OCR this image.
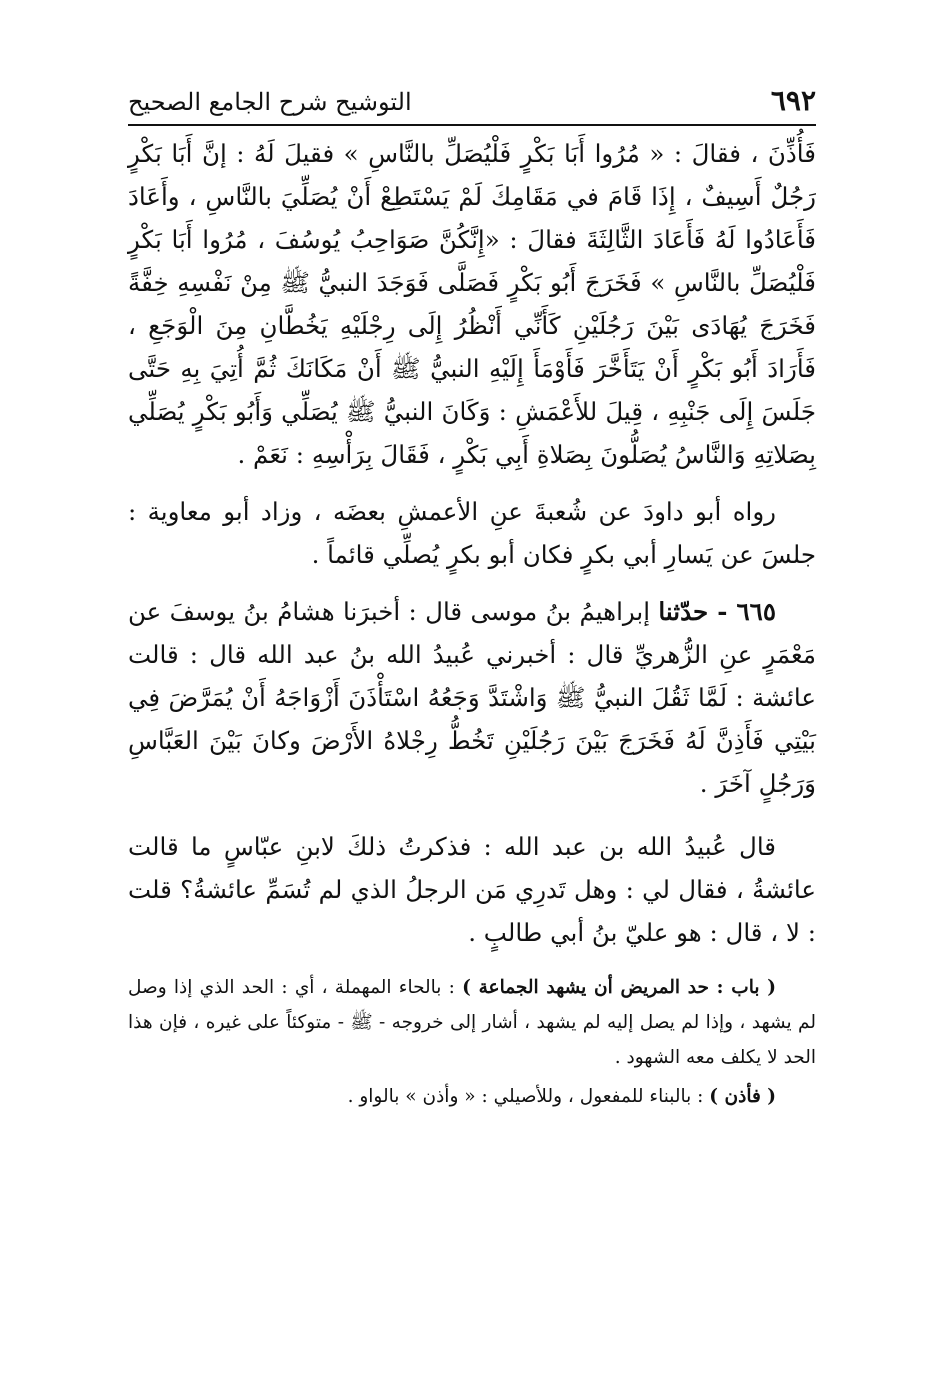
٦٩٢
التوشيح شرح الجامع الصحيح

فَأُذِّنَ ، فقالَ : « مُرُوا أَبَا بَكْرٍ فَلْيُصَلِّ بالنَّاسِ » فقيلَ لَهُ : إنَّ أَبَا بَكْرٍ رَجُلٌ أَسِيفٌ ، إِذَا قَامَ في مَقَامِكَ لَمْ يَسْتَطِعْ أَنْ يُصَلِّيَ بالنَّاسِ ، وأَعَادَ فَأَعَادُوا لَهُ فَأَعَادَ الثَّالِثَةَ فقالَ : «إِنَّكُنَّ صَوَاحِبُ يُوسُفَ ، مُرُوا أَبَا بَكْرٍ فَلْيُصَلِّ بالنَّاسِ » فَخَرَجَ أَبُو بَكْرٍ فَصَلَّى فَوَجَدَ النبيُّ ﷺ مِنْ نَفْسِهِ خِفَّةً فَخَرَجَ يُهَادَى بَيْنَ رَجُلَيْنِ كَأَنِّي أَنْظُرُ إِلَى رِجْلَيْهِ يَخُطَّانِ مِنَ الْوَجَعِ ، فَأَرَادَ أَبُو بَكْرٍ أَنْ يَتَأَخَّرَ فَأَوْمَأَ إِلَيْهِ النبيُّ ﷺ أَنْ مَكَانَكَ ثُمَّ أُتِيَ بِهِ حَتَّى جَلَسَ إِلَى جَنْبِهِ ، قِيلَ للأَعْمَشِ : وَكَانَ النبيُّ ﷺ يُصَلِّي وَأَبُو بَكْرٍ يُصَلِّي بِصَلاتِهِ وَالنَّاسُ يُصَلُّونَ بِصَلاةِ أَبِي بَكْرٍ ، فَقَالَ بِرَأْسِهِ : نَعَمْ .

رواه أبو داودَ عن شُعبةَ عنِ الأعمشِ بعضَه ، وزاد أبو معاوية : جلسَ عن يَسارِ أبي بكرٍ فكان أبو بكرٍ يُصلِّي قائماً .

٦٦٥ - حدّثنا إبراهيمُ بنُ موسى قال : أخبرَنا هشامُ بنُ يوسفَ عن مَعْمَرٍ عنِ الزُّهريِّ قال : أخبرني عُبيدُ الله بنُ عبد الله قال : قالت عائشة : لَمَّا ثَقُلَ النبيُّ ﷺ وَاشْتَدَّ وَجَعُهُ اسْتَأْذَنَ أَزْوَاجَهُ أَنْ يُمَرَّضَ فِي بَيْتِي فَأَذِنَّ لَهُ فَخَرَجَ بَيْنَ رَجُلَيْنِ تَخُطُّ رِجْلاهُ الأَرْضَ وكانَ بَيْنَ العَبَّاسِ وَرَجُلٍ آخَرَ .

قال عُبيدُ الله بن عبد الله : فذكرتُ ذلكَ لابنِ عبّاسٍ ما قالت عائشةُ ، فقال لي : وهل تَدرِي مَن الرجلُ الذي لم تُسَمِّ عائشةُ؟ قلت : لا ، قال : هو عليّ بنُ أبي طالبٍ .

( باب : حد المريض أن يشهد الجماعة ) : بالحاء المهملة ، أي : الحد الذي إذا وصل لم يشهد ، وإذا لم يصل إليه لم يشهد ، أشار إلى خروجه - ﷺ - متوكئاً على غيره ، فإن هذا الحد لا يكلف معه الشهود .

( فأذن ) : بالبناء للمفعول ، وللأصيلي : « وأذن » بالواو .
